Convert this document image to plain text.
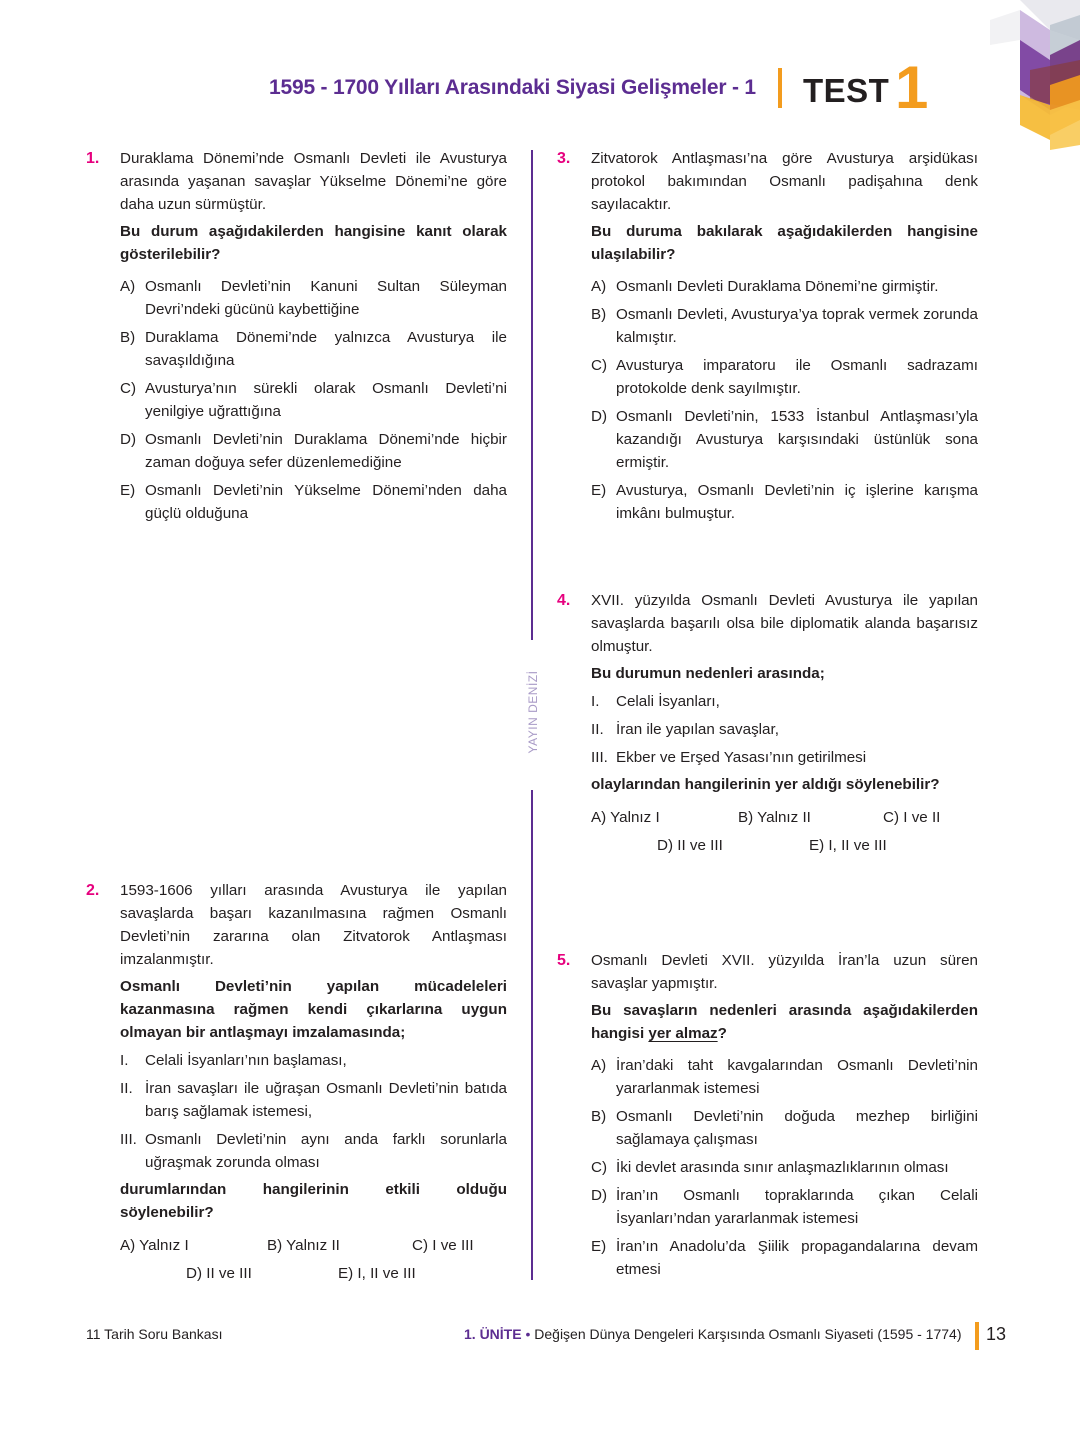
1595 - 1700 Yılları Arasındaki Siyasi Gelişmeler - 1 TEST 1
YAYIN DENİZİ
1. Duraklama Dönemi’nde Osmanlı Devleti ile Avusturya arasında yaşanan savaşlar Yükselme Dönemi’ne göre daha uzun sürmüştür.

Bu durum aşağıdakilerden hangisine kanıt olarak gösterilebilir?

A) Osmanlı Devleti’nin Kanuni Sultan Süleyman Devri’ndeki gücünü kaybettiğine
B) Duraklama Dönemi’nde yalnızca Avusturya ile savaşıldığına
C) Avusturya’nın sürekli olarak Osmanlı Devleti’ni yenilgiye uğrattığına
D) Osmanlı Devleti’nin Duraklama Dönemi’nde hiçbir zaman doğuya sefer düzenlemediğine
E) Osmanlı Devleti’nin Yükselme Dönemi’nden daha güçlü olduğuna
2. 1593-1606 yılları arasında Avusturya ile yapılan savaşlarda başarı kazanılmasına rağmen Osmanlı Devleti’nin zararına olan Zitvatorok Antlaşması imzalanmıştır.

Osmanlı Devleti’nin yapılan mücadeleleri kazanmasına rağmen kendi çıkarlarına uygun olmayan bir antlaşmayı imzalamasında;

I.	Celali İsyanları’nın başlaması,
II. İran savaşları ile uğraşan Osmanlı Devleti’nin batıda barış sağlamak istemesi,
III. Osmanlı Devleti’nin aynı anda farklı sorunlarla uğraşmak zorunda olması

durumlarından hangilerinin etkili olduğu söylenebilir?

A) Yalnız I	B) Yalnız II	C) I ve III
D) II ve III	E) I, II ve III
3. Zitvatorok Antlaşması’na göre Avusturya arşidükası protokol bakımından Osmanlı padişahına denk sayılacaktır.

Bu duruma bakılarak aşağıdakilerden hangisine ulaşılabilir?

A) Osmanlı Devleti Duraklama Dönemi’ne girmiştir.
B) Osmanlı Devleti, Avusturya’ya toprak vermek zorunda kalmıştır.
C) Avusturya imparatoru ile Osmanlı sadrazamı protokolde denk sayılmıştır.
D) Osmanlı Devleti’nin, 1533 İstanbul Antlaşması’yla kazandığı Avusturya karşısındaki üstünlük sona ermiştir.
E) Avusturya, Osmanlı Devleti’nin iç işlerine karışma imkânı bulmuştur.
4. XVII. yüzyılda Osmanlı Devleti Avusturya ile yapılan savaşlarda başarılı olsa bile diplomatik alanda başarısız olmuştur.

Bu durumun nedenleri arasında;

I.	Celali İsyanları,
II. İran ile yapılan savaşlar,
III. Ekber ve Erşed Yasası’nın getirilmesi

olaylarından hangilerinin yer aldığı söylenebilir?

A) Yalnız I	B) Yalnız II	C) I ve II
D) II ve III	E) I, II ve III
5. Osmanlı Devleti XVII. yüzyılda İran’la uzun süren savaşlar yapmıştır.

Bu savaşların nedenleri arasında aşağıdakilerden hangisi yer almaz?

A) İran’daki taht kavgalarından Osmanlı Devleti’nin yararlanmak istemesi
B) Osmanlı Devleti’nin doğuda mezhep birliğini sağlamaya çalışması
C) İki devlet arasında sınır anlaşmazlıklarının olması
D) İran’ın Osmanlı topraklarında çıkan Celali İsyanları’ndan yararlanmak istemesi
E) İran’ın Anadolu’da Şiilik propagandalarına devam etmesi
11 Tarih Soru Bankası	1. ÜNİTE • Değişen Dünya Dengeleri Karşısında Osmanlı Siyaseti (1595 - 1774) 13
